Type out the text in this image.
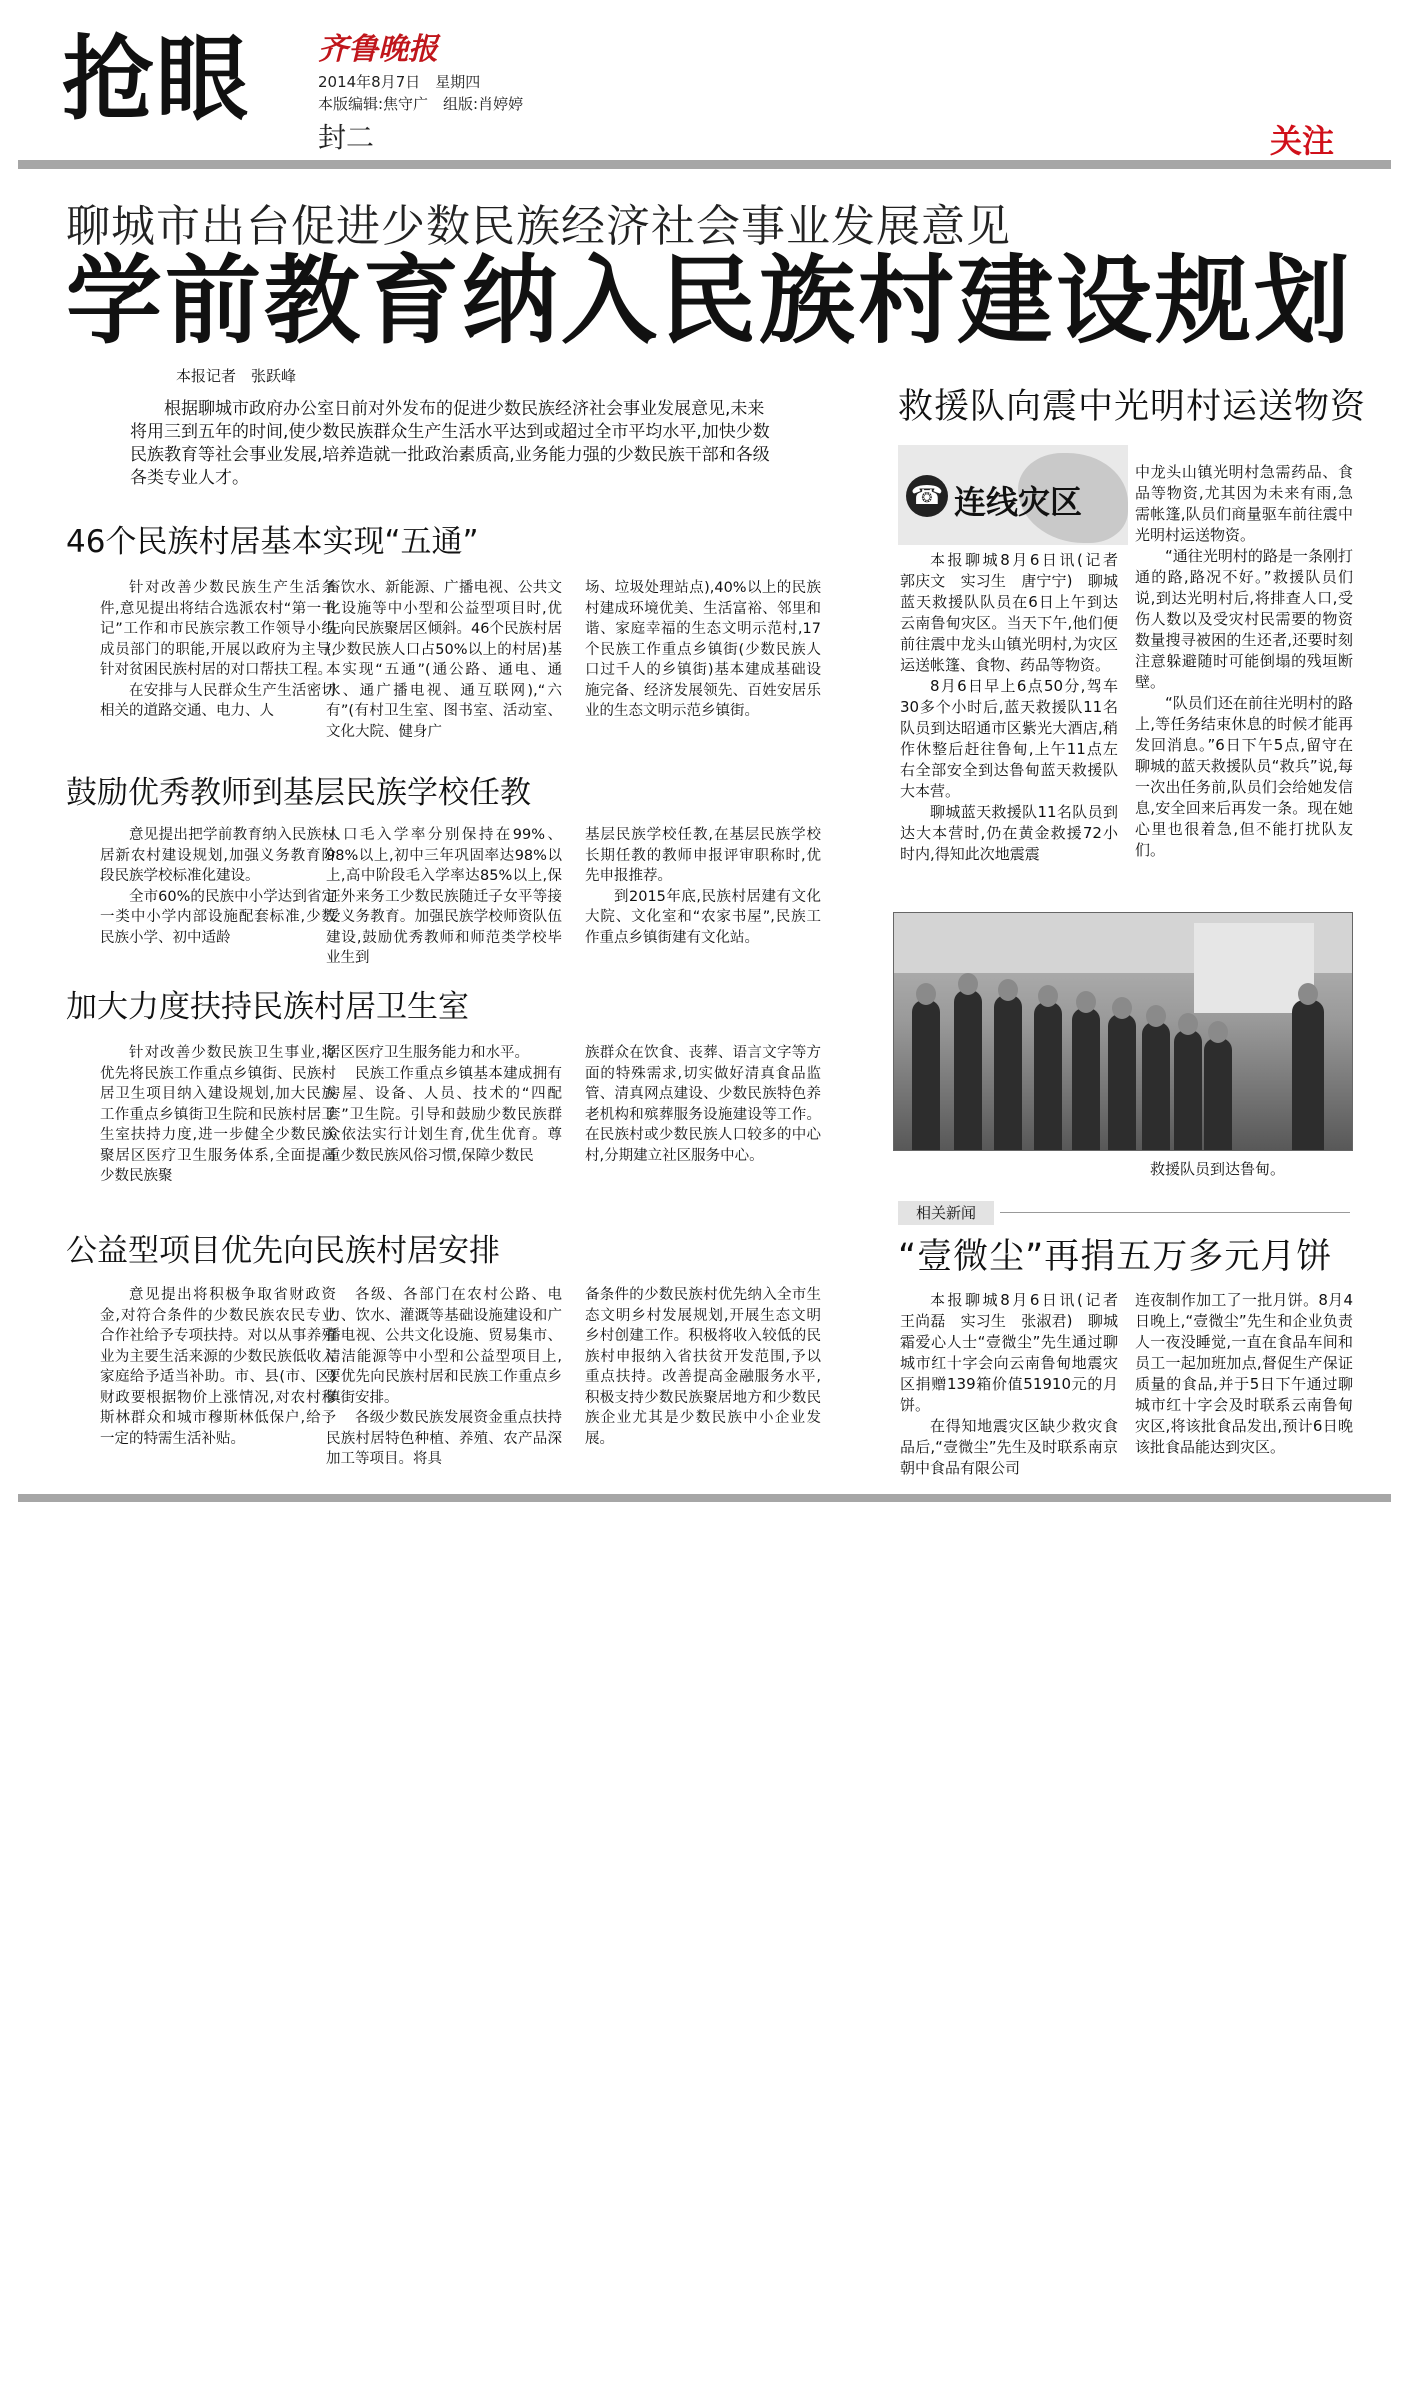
抢眼 齐鲁晚报
2014年8月7日　星期四
本版编辑:焦守广　组版:肖婷婷
封二	关注
聊城市出台促进少数民族经济社会事业发展意见
学前教育纳入民族村建设规划
本报记者　张跃峰
根据聊城市政府办公室日前对外发布的促进少数民族经济社会事业发展意见,未来将用三到五年的时间,使少数民族群众生产生活水平达到或超过全市平均水平,加快少数民族教育等社会事业发展,培养造就一批政治素质高,业务能力强的少数民族干部和各级各类专业人才。
46个民族村居基本实现“五通”

针对改善少数民族生产生活条件,意见提出将结合选派农村“第一书记”工作和市民族宗教工作领导小组成员部门的职能,开展以政府为主导,针对贫困民族村居的对口帮扶工程。

在安排与人民群众生产生活密切相关的道路交通、电力、人

畜饮水、新能源、广播电视、公共文化设施等中小型和公益型项目时,优先向民族聚居区倾斜。46个民族村居(少数民族人口占50%以上的村居)基本实现“五通”(通公路、通电、通水、通广播电视、通互联网),“六有”(有村卫生室、图书室、活动室、文化大院、健身广

场、垃圾处理站点),40%以上的民族村建成环境优美、生活富裕、邻里和谐、家庭幸福的生态文明示范村,17个民族工作重点乡镇街(少数民族人口过千人的乡镇街)基本建成基础设施完备、经济发展领先、百姓安居乐业的生态文明示范乡镇街。

鼓励优秀教师到基层民族学校任教

意见提出把学前教育纳入民族村居新农村建设规划,加强义务教育阶段民族学校标准化建设。

全市60%的民族中小学达到省定一类中小学内部设施配套标准,少数民族小学、初中适龄

人口毛入学率分别保持在99%、98%以上,初中三年巩固率达98%以上,高中阶段毛入学率达85%以上,保证外来务工少数民族随迁子女平等接受义务教育。加强民族学校师资队伍建设,鼓励优秀教师和师范类学校毕业生到

基层民族学校任教,在基层民族学校长期任教的教师申报评审职称时,优先申报推荐。

到2015年底,民族村居建有文化大院、文化室和“农家书屋”,民族工作重点乡镇街建有文化站。

加大力度扶持民族村居卫生室

针对改善少数民族卫生事业,将优先将民族工作重点乡镇街、民族村居卫生项目纳入建设规划,加大民族工作重点乡镇街卫生院和民族村居卫生室扶持力度,进一步健全少数民族聚居区医疗卫生服务体系,全面提高少数民族聚

居区医疗卫生服务能力和水平。

民族工作重点乡镇基本建成拥有房屋、设备、人员、技术的“四配套”卫生院。引导和鼓励少数民族群众依法实行计划生育,优生优育。尊重少数民族风俗习惯,保障少数民

族群众在饮食、丧葬、语言文字等方面的特殊需求,切实做好清真食品监管、清真网点建设、少数民族特色养老机构和殡葬服务设施建设等工作。在民族村或少数民族人口较多的中心村,分期建立社区服务中心。

公益型项目优先向民族村居安排

意见提出将积极争取省财政资金,对符合条件的少数民族农民专业合作社给予专项扶持。对以从事养殖业为主要生活来源的少数民族低收入家庭给予适当补助。市、县(市、区)财政要根据物价上涨情况,对农村穆斯林群众和城市穆斯林低保户,给予一定的特需生活补贴。

各级、各部门在农村公路、电力、饮水、灌溉等基础设施建设和广播电视、公共文化设施、贸易集市、清洁能源等中小型和公益型项目上,要优先向民族村居和民族工作重点乡镇街安排。

各级少数民族发展资金重点扶持民族村居特色种植、养殖、农产品深加工等项目。将具

备条件的少数民族村优先纳入全市生态文明乡村发展规划,开展生态文明乡村创建工作。积极将收入较低的民族村申报纳入省扶贫开发范围,予以重点扶持。改善提高金融服务水平,积极支持少数民族聚居地方和少数民族企业尤其是少数民族中小企业发展。

救援队向震中光明村运送物资
☎ 连线灾区

本报聊城8月6日讯(记者　郭庆文　实习生　唐宁宁)　聊城蓝天救援队队员在6日上午到达云南鲁甸灾区。当天下午,他们便前往震中龙头山镇光明村,为灾区运送帐篷、食物、药品等物资。

8月6日早上6点50分,驾车30多个小时后,蓝天救援队11名队员到达昭通市区紫光大酒店,稍作休整后赶往鲁甸,上午11点左右全部安全到达鲁甸蓝天救援队大本营。

聊城蓝天救援队11名队员到达大本营时,仍在黄金救援72小时内,得知此次地震震

中龙头山镇光明村急需药品、食品等物资,尤其因为未来有雨,急需帐篷,队员们商量驱车前往震中光明村运送物资。

“通往光明村的路是一条刚打通的路,路况不好。”救援队员们说,到达光明村后,将排查人口,受伤人数以及受灾村民需要的物资数量搜寻被困的生还者,还要时刻注意躲避随时可能倒塌的残垣断壁。

“队员们还在前往光明村的路上,等任务结束休息的时候才能再发回消息。”6日下午5点,留守在聊城的蓝天救援队员“救兵”说,每一次出任务前,队员们会给她发信息,安全回来后再发一条。现在她心里也很着急,但不能打扰队友们。

救援队员到达鲁甸。
相关新闻
“壹微尘”再捐五万多元月饼

本报聊城8月6日讯(记者　王尚磊　实习生　张淑君)　聊城霜爱心人士“壹微尘”先生通过聊城市红十字会向云南鲁甸地震灾区捐赠139箱价值51910元的月饼。

在得知地震灾区缺少救灾食品后,“壹微尘”先生及时联系南京朝中食品有限公司

连夜制作加工了一批月饼。8月4日晚上,“壹微尘”先生和企业负责人一夜没睡觉,一直在食品车间和员工一起加班加点,督促生产保证质量的食品,并于5日下午通过聊城市红十字会及时联系云南鲁甸灾区,将该批食品发出,预计6日晚该批食品能达到灾区。
